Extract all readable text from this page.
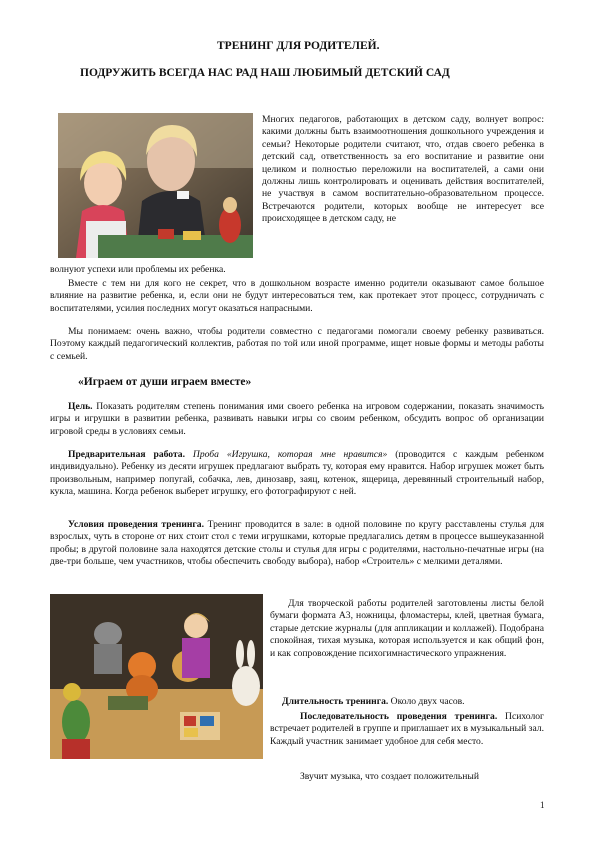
ТРЕНИНГ ДЛЯ РОДИТЕЛЕЙ.
ПОДРУЖИТЬ ВСЕГДА НАС РАД НАШ ЛЮБИМЫЙ ДЕТСКИЙ САД

Многих педагогов, работающих в детском саду, волнует вопрос: какими должны быть взаимоотношения дошкольного учреждения и семьи? Некоторые родители считают, что, отдав своего ребенка в детский сад, ответственность за его воспитание и развитие они целиком и полностью переложили на воспитателей, а сами они должны лишь контролировать и оценивать действия воспитателей, не участвуя в самом воспитательно-образовательном процессе. Встречаются родители, которых вообще не интересует все происходящее в детском саду, не

волнуют успехи или проблемы их ребенка.

Вместе с тем ни для кого не секрет, что в дошкольном возрасте именно родители оказывают самое большое влияние на развитие ребенка, и, если они не будут интересоваться тем, как протекает этот процесс, сотрудничать с воспитателями, усилия последних могут оказаться напрасными.

Мы понимаем: очень важно, чтобы родители совместно с педагогами помогали своему ребенку развиваться. Поэтому каждый педагогический коллектив, работая по той или иной программе, ищет новые формы и методы работы с семьей.

«Играем от души играем вместе»

Цель. Показать родителям степень понимания ими своего ребенка на игровом содержании, показать значимость игры и игрушки в развитии ребенка, развивать навыки игры со своим ребенком, обсудить вопрос об организации игровой среды в условиях семьи.

Предварительная работа. Проба «Игрушка, которая мне нравится» (проводится с каждым ребенком индивидуально). Ребенку из десяти игрушек предлагают выбрать ту, которая ему нравится. Набор игрушек может быть произвольным, например попугай, собачка, лев, динозавр, заяц, котенок, ящерица, деревянный строительный набор, кукла, машина. Когда ребенок выберет игрушку, его фотографируют с ней.

Условия проведения тренинга. Тренинг проводится в зале: в одной половине по кругу расставлены стулья для взрослых, чуть в стороне от них стоит стол с теми игрушками, которые предлагались детям в процессе вышеуказанной пробы; в другой половине зала находятся детские столы и стулья для игры с родителями, настольно-печатные игры (на две-три больше, чем участников, чтобы обеспечить свободу выбора), набор «Строитель» с мелкими деталями.

Для творческой работы родителей заготовлены листы белой бумаги формата А3, ножницы, фломастеры, клей, цветная бумага, старые детские журналы (для аппликации и коллажей). Подобрана спокойная, тихая музыка, которая используется и как общий фон, и как сопровождение психогимнастического упражнения.

Длительность тренинга. Около двух часов.

Последовательность проведения тренинга. Психолог встречает родителей в группе и приглашает их в музыкальный зал. Каждый участник занимает удобное для себя место.

Звучит музыка, что создает положительный

1
